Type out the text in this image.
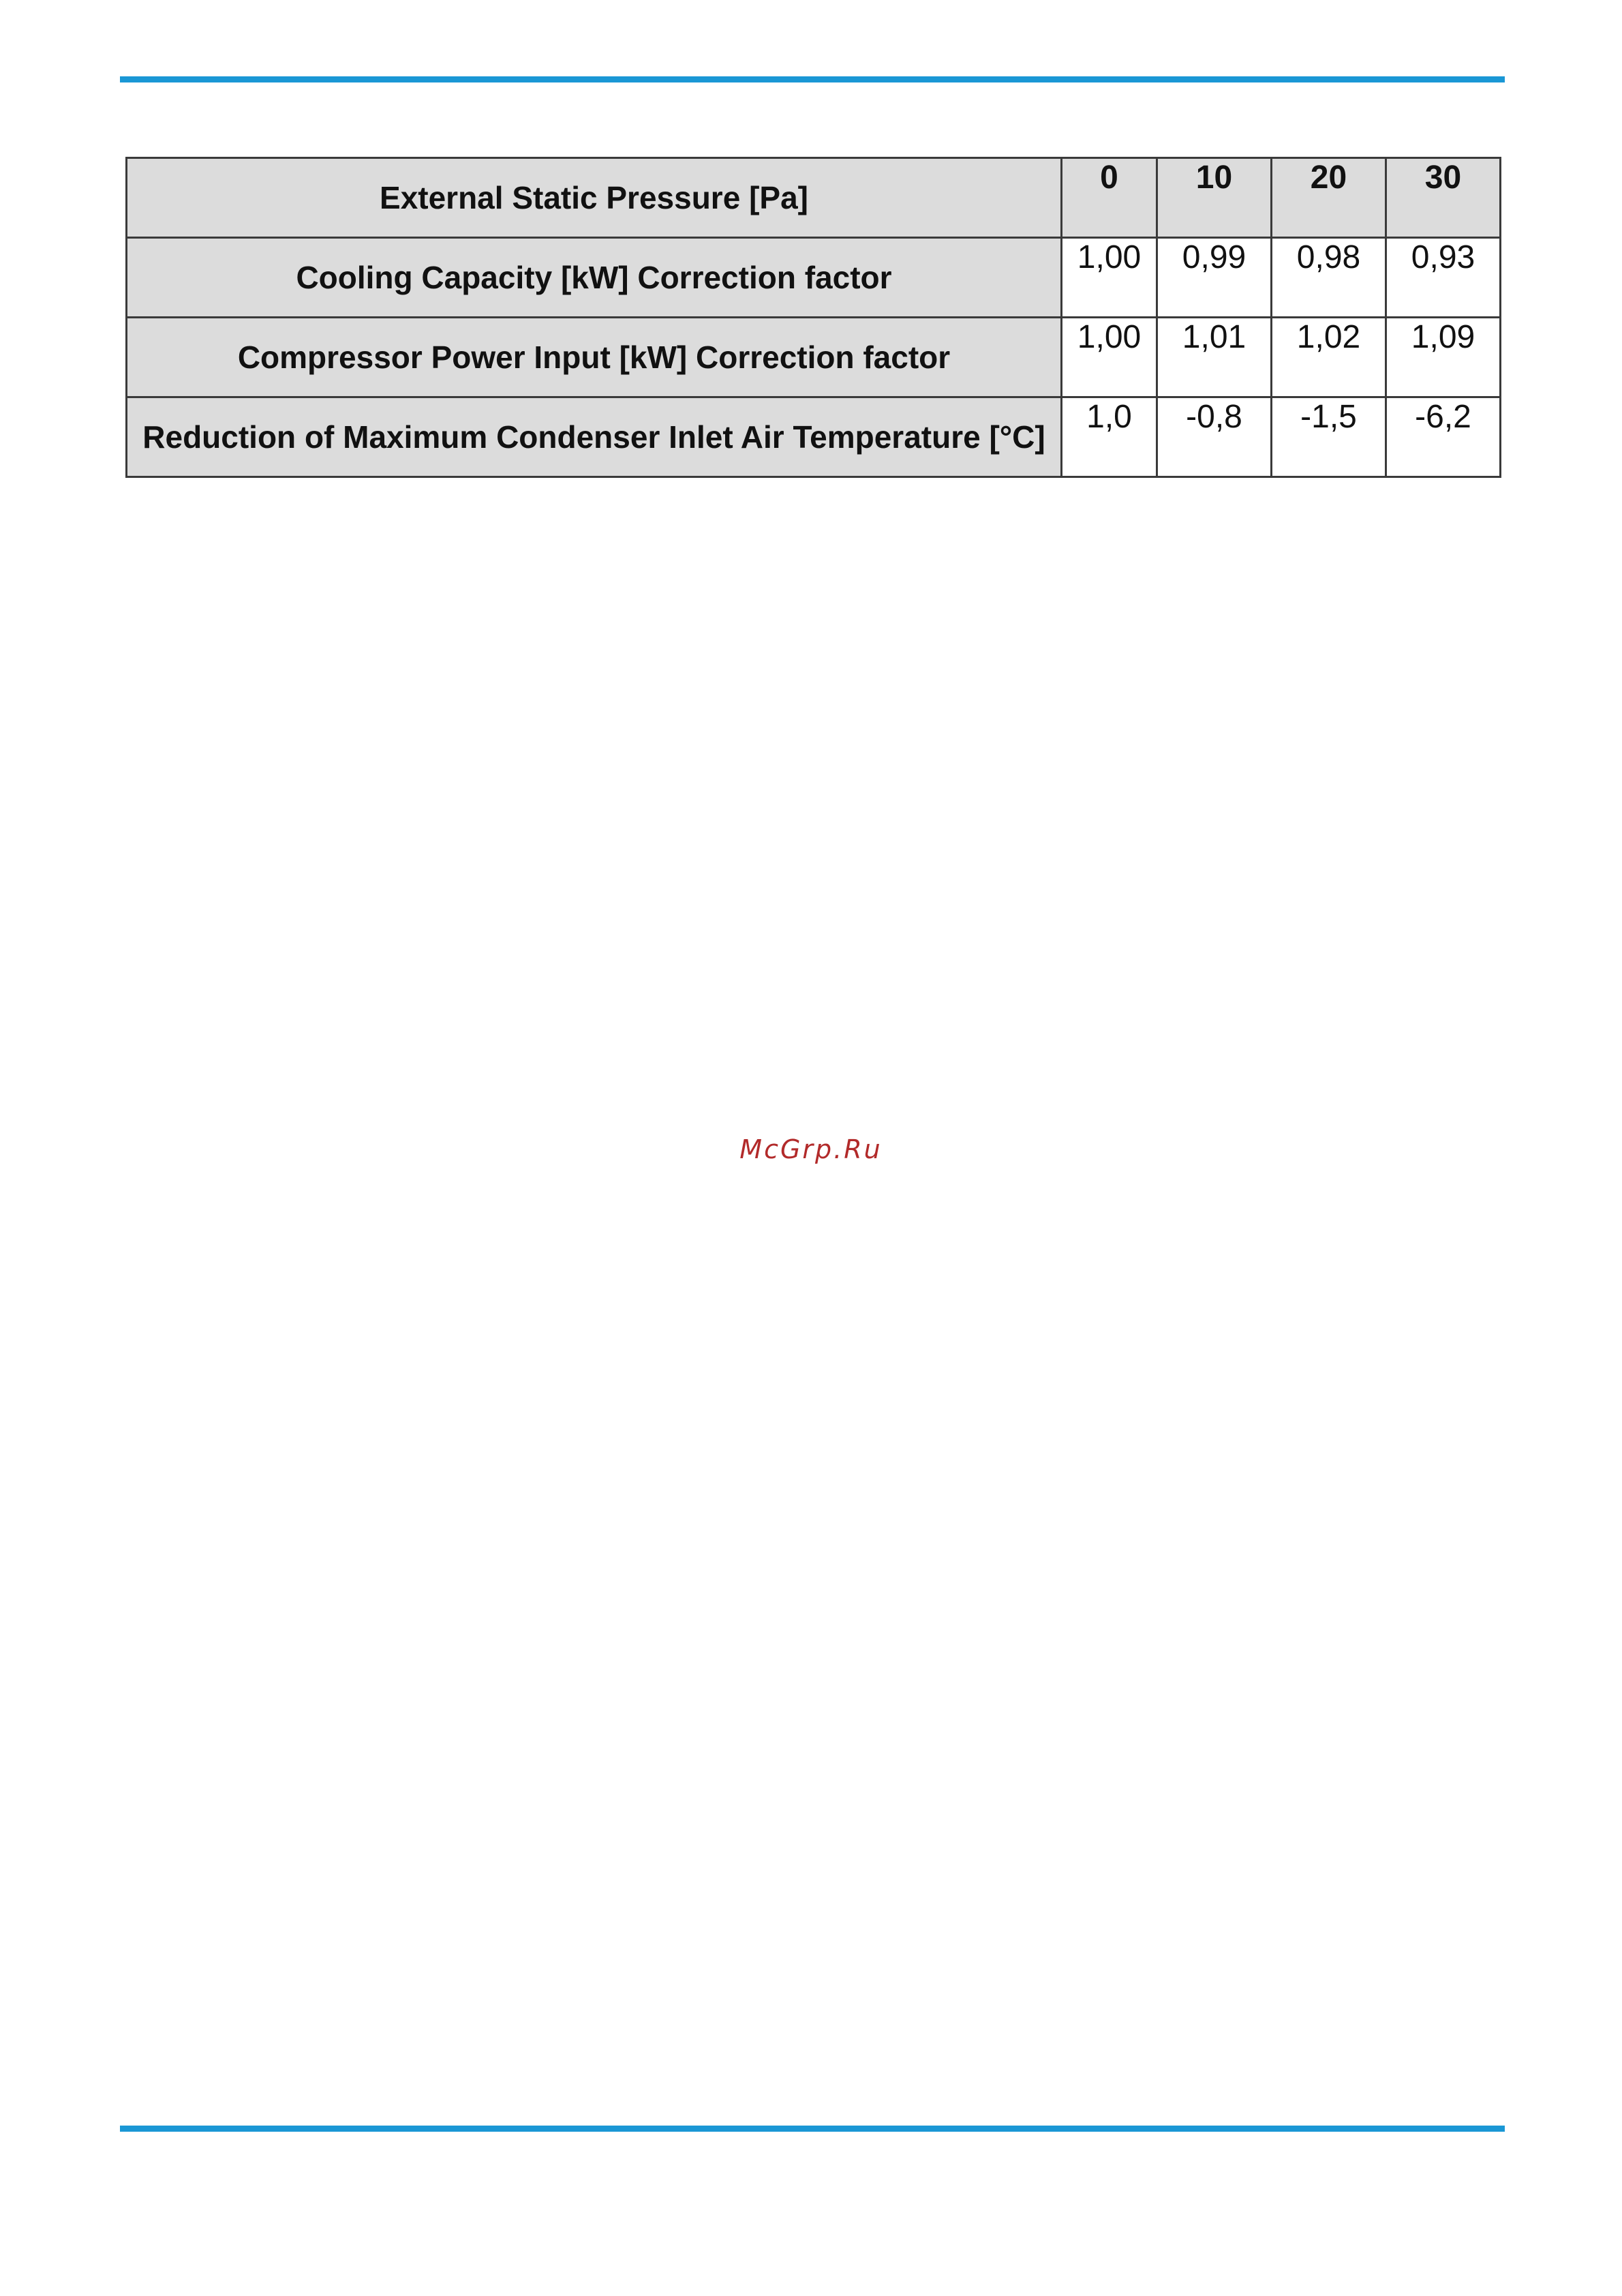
External Static Pressure [Pa]	0	10	20	30
Cooling Capacity [kW] Correction factor	1,00	0,99	0,98	0,93
Compressor Power Input [kW] Correction factor	1,00	1,01	1,02	1,09
Reduction of Maximum Condenser Inlet Air Temperature [°C]	1,0	-0,8	-1,5	-6,2
McGrp.Ru
